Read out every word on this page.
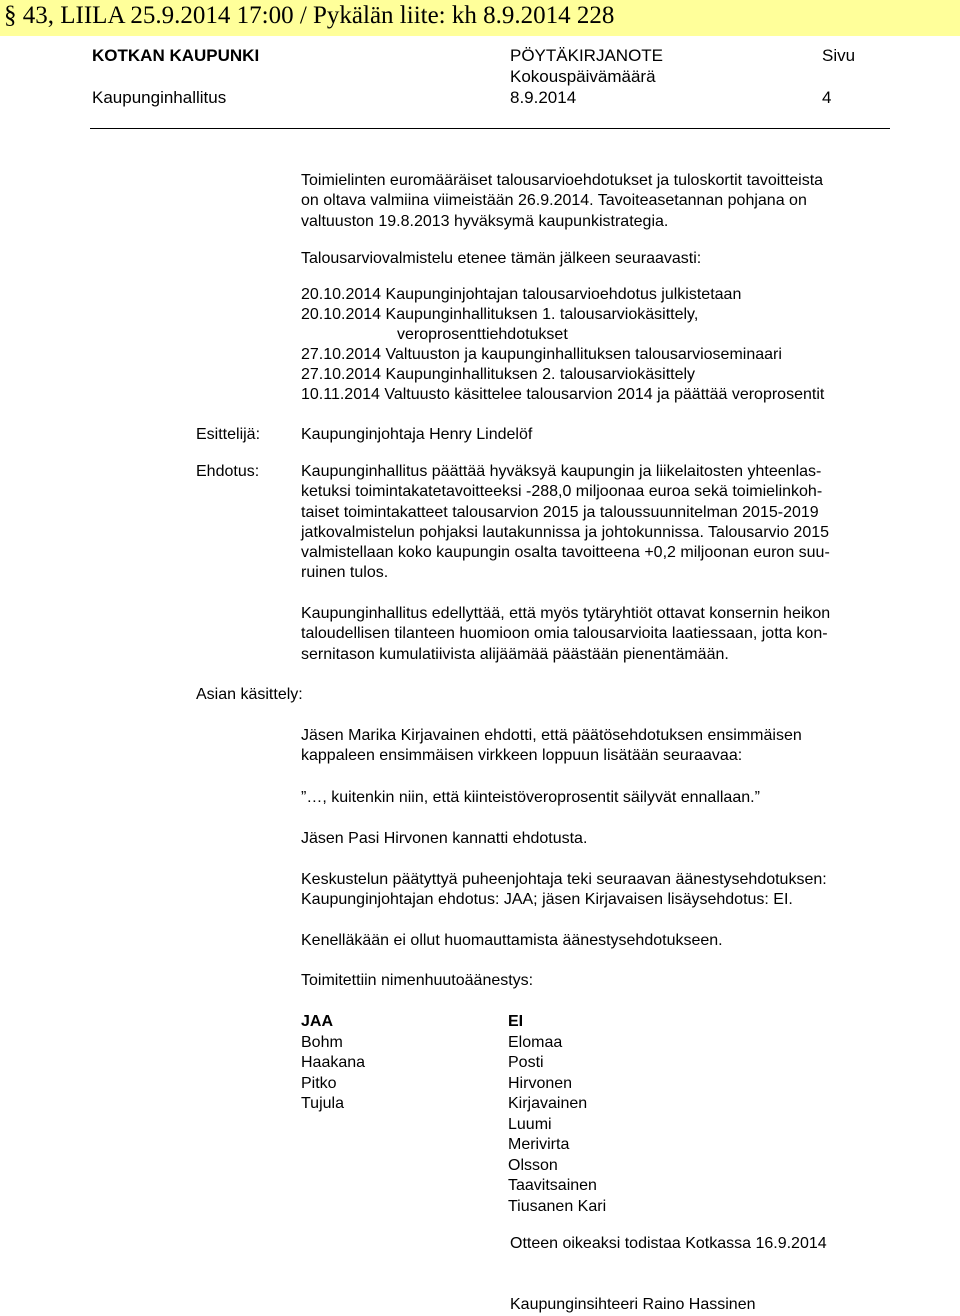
§ 43, LIILA 25.9.2014 17:00 / Pykälän liite: kh 8.9.2014 228
KOTKAN KAUPUNKI	PÖYTÄKIRJANOTE	Sivu
Kokouspäivämäärä
Kaupunginhallitus	8.9.2014	4
Toimielinten euromääräiset talousarvioehdotukset ja tuloskortit tavoitteista
on oltava valmiina viimeistään 26.9.2014. Tavoiteasetannan pohjana on
valtuuston 19.8.2013 hyväksymä kaupunkistrategia.
Talousarviovalmistelu etenee tämän jälkeen seuraavasti:
20.10.2014 Kaupunginjohtajan talousarvioehdotus julkistetaan
20.10.2014 Kaupunginhallituksen 1. talousarviokäsittely,
veroprosenttiehdotukset
27.10.2014 Valtuuston ja kaupunginhallituksen talousarvioseminaari
27.10.2014 Kaupunginhallituksen 2. talousarviokäsittely
10.11.2014 Valtuusto käsittelee talousarvion 2014 ja päättää veroprosentit
Esittelijä:	Kaupunginjohtaja Henry Lindelöf
Ehdotus:	Kaupunginhallitus päättää hyväksyä kaupungin ja liikelaitosten yhteenlas-
ketuksi toimintakatetavoitteeksi -288,0 miljoonaa euroa sekä toimielinkoh-
taiset toimintakatteet talousarvion 2015 ja taloussuunnitelman 2015-2019
jatkovalmistelun pohjaksi lautakunnissa ja johtokunnissa. Talousarvio 2015
valmistellaan koko kaupungin osalta tavoitteena +0,2 miljoonan euron suu-
ruinen tulos.
Kaupunginhallitus edellyttää, että myös tytäryhtiöt ottavat konsernin heikon
taloudellisen tilanteen huomioon omia talousarvioita laatiessaan, jotta kon-
sernitason kumulatiivista alijäämää päästään pienentämään.
Asian käsittely:
Jäsen Marika Kirjavainen ehdotti, että päätösehdotuksen ensimmäisen
kappaleen ensimmäisen virkkeen loppuun lisätään seuraavaa:
”…, kuitenkin niin, että kiinteistöveroprosentit säilyvät ennallaan.”
Jäsen Pasi Hirvonen kannatti ehdotusta.
Keskustelun päätyttyä puheenjohtaja teki seuraavan äänestysehdotuksen:
Kaupunginjohtajan ehdotus: JAA; jäsen Kirjavaisen lisäysehdotus: EI.
Kenelläkään ei ollut huomauttamista äänestysehdotukseen.
Toimitettiin nimenhuutoäänestys:
JAA
Bohm
Haakana
Pitko
Tujula
EI
Elomaa
Posti
Hirvonen
Kirjavainen
Luumi
Merivirta
Olsson
Taavitsainen
Tiusanen Kari
Otteen oikeaksi todistaa Kotkassa 16.9.2014
Kaupunginsihteeri Raino Hassinen
